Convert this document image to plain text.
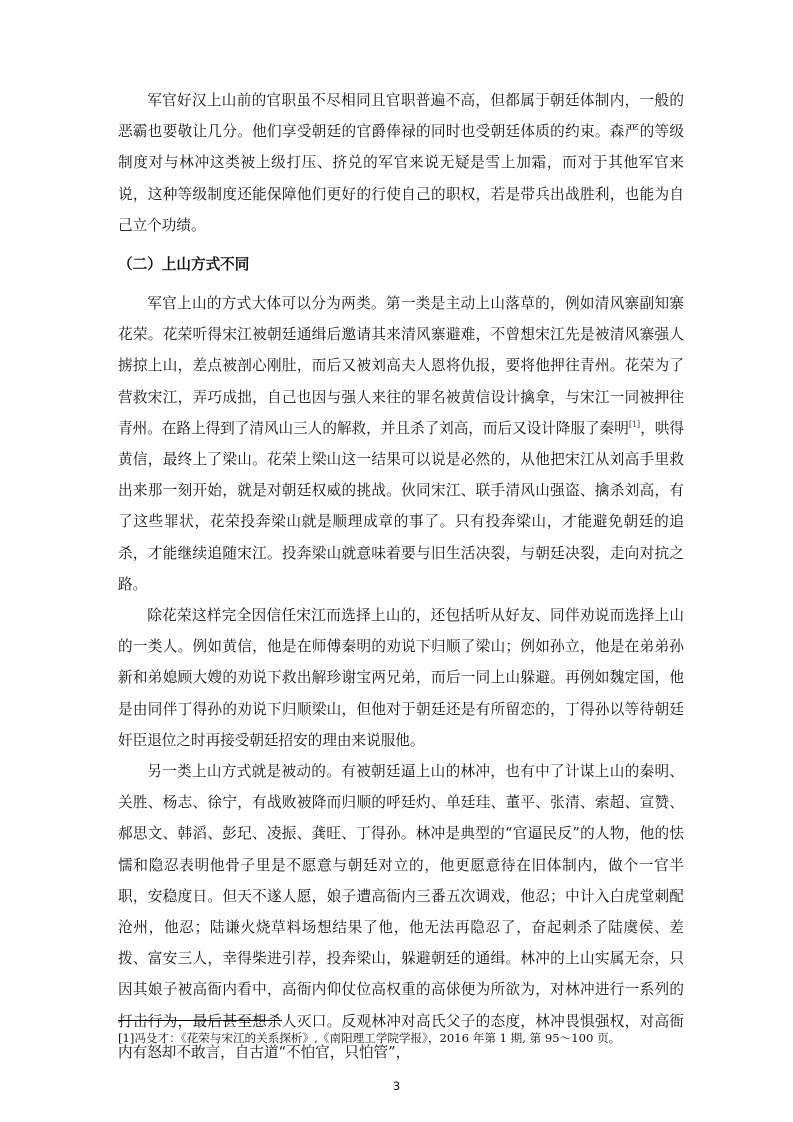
军官好汉上山前的官职虽不尽相同且官职普遍不高，但都属于朝廷体制内，一般的恶霸也要敬让几分。他们享受朝廷的官爵俸禄的同时也受朝廷体质的约束。森严的等级制度对与林冲这类被上级打压、挤兑的军官来说无疑是雪上加霜，而对于其他军官来说，这种等级制度还能保障他们更好的行使自己的职权，若是带兵出战胜利，也能为自己立个功绩。

（二）上山方式不同

军官上山的方式大体可以分为两类。第一类是主动上山落草的，例如清风寨副知寨花荣。花荣听得宋江被朝廷通缉后邀请其来清风寨避难，不曾想宋江先是被清风寨强人掳掠上山，差点被剖心刚肚，而后又被刘高夫人恩将仇报，要将他押往青州。花荣为了营救宋江，弄巧成拙，自己也因与强人来往的罪名被黄信设计擒拿，与宋江一同被押往青州。在路上得到了清风山三人的解救，并且杀了刘高，而后又设计降服了秦明[1]，哄得黄信，最终上了梁山。花荣上梁山这一结果可以说是必然的，从他把宋江从刘高手里救出来那一刻开始，就是对朝廷权威的挑战。伙同宋江、联手清风山强盗、擒杀刘高，有了这些罪状，花荣投奔梁山就是顺理成章的事了。只有投奔梁山，才能避免朝廷的追杀，才能继续追随宋江。投奔梁山就意味着要与旧生活决裂，与朝廷决裂，走向对抗之路。

除花荣这样完全因信任宋江而选择上山的，还包括听从好友、同伴劝说而选择上山的一类人。例如黄信，他是在师傅秦明的劝说下归顺了梁山；例如孙立，他是在弟弟孙新和弟媳顾大嫂的劝说下救出解珍谢宝两兄弟，而后一同上山躲避。再例如魏定国，他是由同伴丁得孙的劝说下归顺梁山，但他对于朝廷还是有所留恋的，丁得孙以等待朝廷奸臣退位之时再接受朝廷招安的理由来说服他。

另一类上山方式就是被动的。有被朝廷逼上山的林冲，也有中了计谋上山的秦明、关胜、杨志、徐宁，有战败被降而归顺的呼廷灼、单廷珪、董平、张清、索超、宣赞、郝思文、韩滔、彭玘、凌振、龚旺、丁得孙。林冲是典型的“官逼民反”的人物，他的怯懦和隐忍表明他骨子里是不愿意与朝廷对立的，他更愿意待在旧体制内，做个一官半职，安稳度日。但天不遂人愿，娘子遭高衙内三番五次调戏，他忍；中计入白虎堂刺配沧州，他忍；陆谦火烧草料场想结果了他，他无法再隐忍了，奋起刺杀了陆虞侯、差拨、富安三人，幸得柴进引荐，投奔梁山，躲避朝廷的通缉。林冲的上山实属无奈，只因其娘子被高衙内看中，高衙内仰仗位高权重的高俅便为所欲为，对林冲进行一系列的打击行为，最后甚至想杀人灭口。反观林冲对高氏父子的态度，林冲畏惧强权，对高衙内有怒却不敢言，自古道“不怕官，只怕管”，

[1]冯殳才：《花荣与宋江的关系探析》,《南阳理工学院学报》，2016 年第 1 期, 第 95～100 页。
3
